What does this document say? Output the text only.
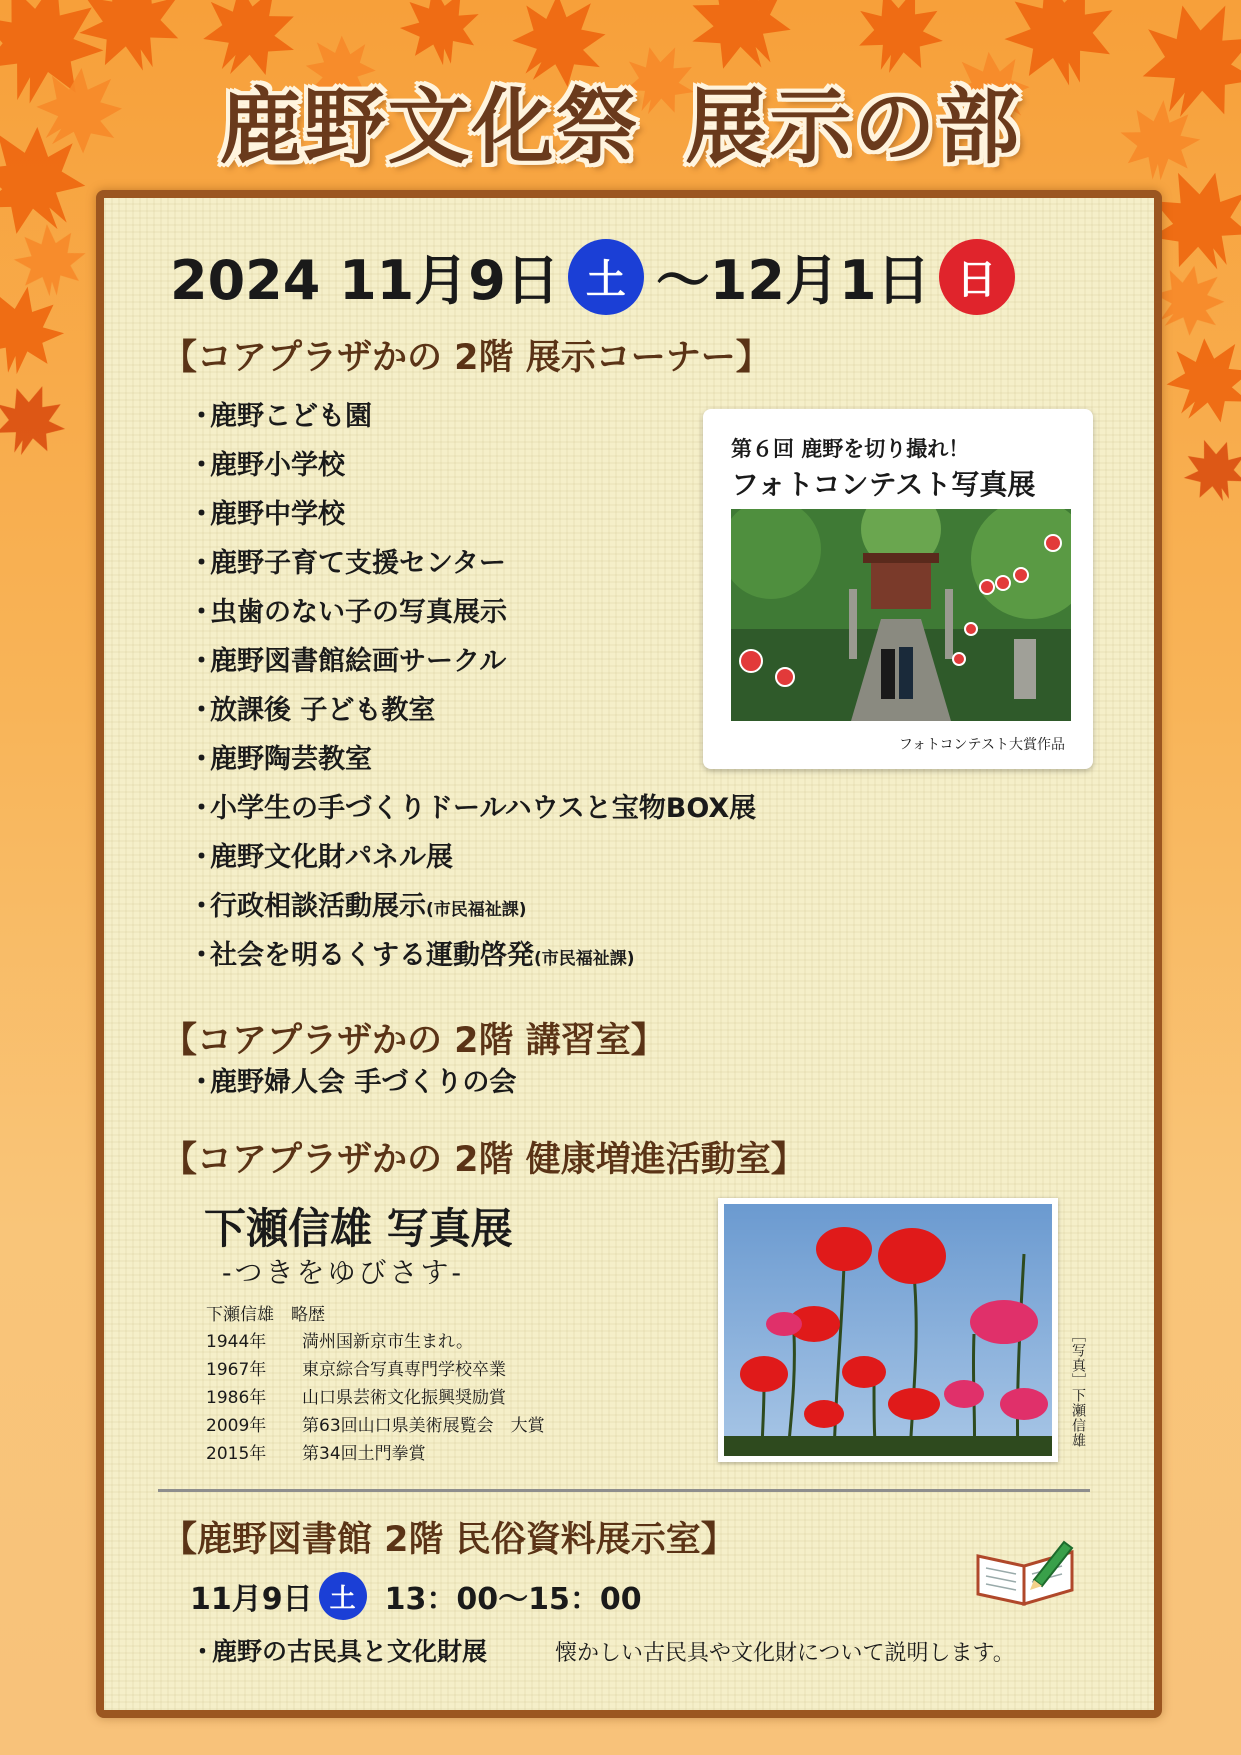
鹿野文化祭 展示の部
2024 11月9日 土 ～12月1日 日
【コアプラザかの 2階 展示コーナー】
・鹿野こども園
・鹿野小学校
・鹿野中学校
・鹿野子育て支援センター
・虫歯のない子の写真展示
・鹿野図書館絵画サークル
・放課後 子ども教室
・鹿野陶芸教室
・小学生の手づくりドールハウスと宝物BOX展
・鹿野文化財パネル展
・行政相談活動展示(市民福祉課)
・社会を明るくする運動啓発(市民福祉課)
第６回 鹿野を切り撮れ！
フォトコンテスト写真展
フォトコンテスト大賞作品
【コアプラザかの 2階 講習室】
・鹿野婦人会 手づくりの会
【コアプラザかの 2階 健康増進活動室】
下瀬信雄 写真展
-つきをゆびさす-
下瀬信雄　略歴
1944年 満州国新京市生まれ。
1967年 東京綜合写真専門学校卒業
1986年 山口県芸術文化振興奨励賞
2009年 第63回山口県美術展覧会　大賞
2015年 第34回土門拳賞
［写真］下瀬信雄
【鹿野図書館 2階 民俗資料展示室】
11月9日 土 13：00～15：00
・鹿野の古民具と文化財展	懐かしい古民具や文化財について説明します。
